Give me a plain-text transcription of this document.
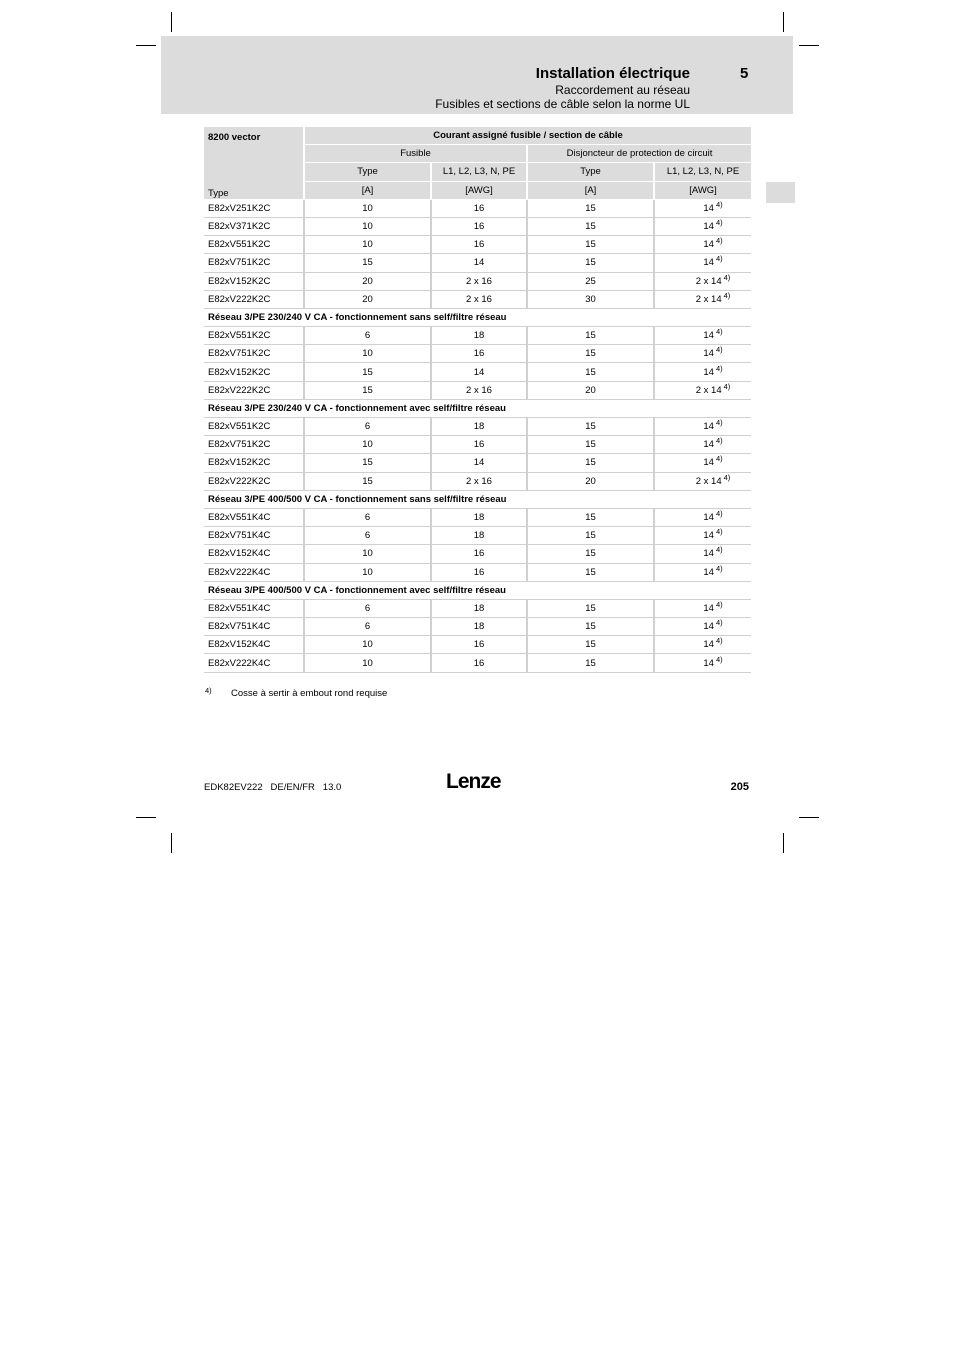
Installation électrique	5
Raccordement au réseau
Fusibles et sections de câble selon la norme UL
8200 vector
Type	Courant assigné fusible / section de câble			
	Fusible		Disjoncteur de protection de circuit	
	Type	L1, L2, L3, N, PE	Type	L1, L2, L3, N, PE
	[A]	[AWG]	[A]	[AWG]
E82xV251K2C	10	16	15	14 $^{4)}$
E82xV371K2C	10	16	15	14 $^{4)}$
E82xV551K2C	10	16	15	14 $^{4)}$
E82xV751K2C	15	14	15	14 $^{4)}$
E82xV152K2C	20	2 x 16	25	2 x 14 $^{4)}$
E82xV222K2C	20	2 x 16	30	2 x 14 $^{4)}$
Réseau 3/PE 230/240 V CA - fonctionnement sans self/filtre réseau				
E82xV551K2C	6	18	15	14 $^{4)}$
E82xV751K2C	10	16	15	14 $^{4)}$
E82xV152K2C	15	14	15	14 $^{4)}$
E82xV222K2C	15	2 x 16	20	2 x 14 $^{4)}$
Réseau 3/PE 230/240 V CA - fonctionnement avec self/filtre réseau				
E82xV551K2C	6	18	15	14 $^{4)}$
E82xV751K2C	10	16	15	14 $^{4)}$
E82xV152K2C	15	14	15	14 $^{4)}$
E82xV222K2C	15	2 x 16	20	2 x 14 $^{4)}$
Réseau 3/PE 400/500 V CA - fonctionnement sans self/filtre réseau				
E82xV551K4C	6	18	15	14 $^{4)}$
E82xV751K4C	6	18	15	14 $^{4)}$
E82xV152K4C	10	16	15	14 $^{4)}$
E82xV222K4C	10	16	15	14 $^{4)}$
Réseau 3/PE 400/500 V CA - fonctionnement avec self/filtre réseau				
E82xV551K4C	6	18	15	14 $^{4)}$
E82xV751K4C	6	18	15	14 $^{4)}$
E82xV152K4C	10	16	15	14 $^{4)}$
E82xV222K4C	10	16	15	14 $^{4)}$
4) Cosse à sertir à embout rond requise
EDK82EV222   DE/EN/FR   13.0	Lenze	205
